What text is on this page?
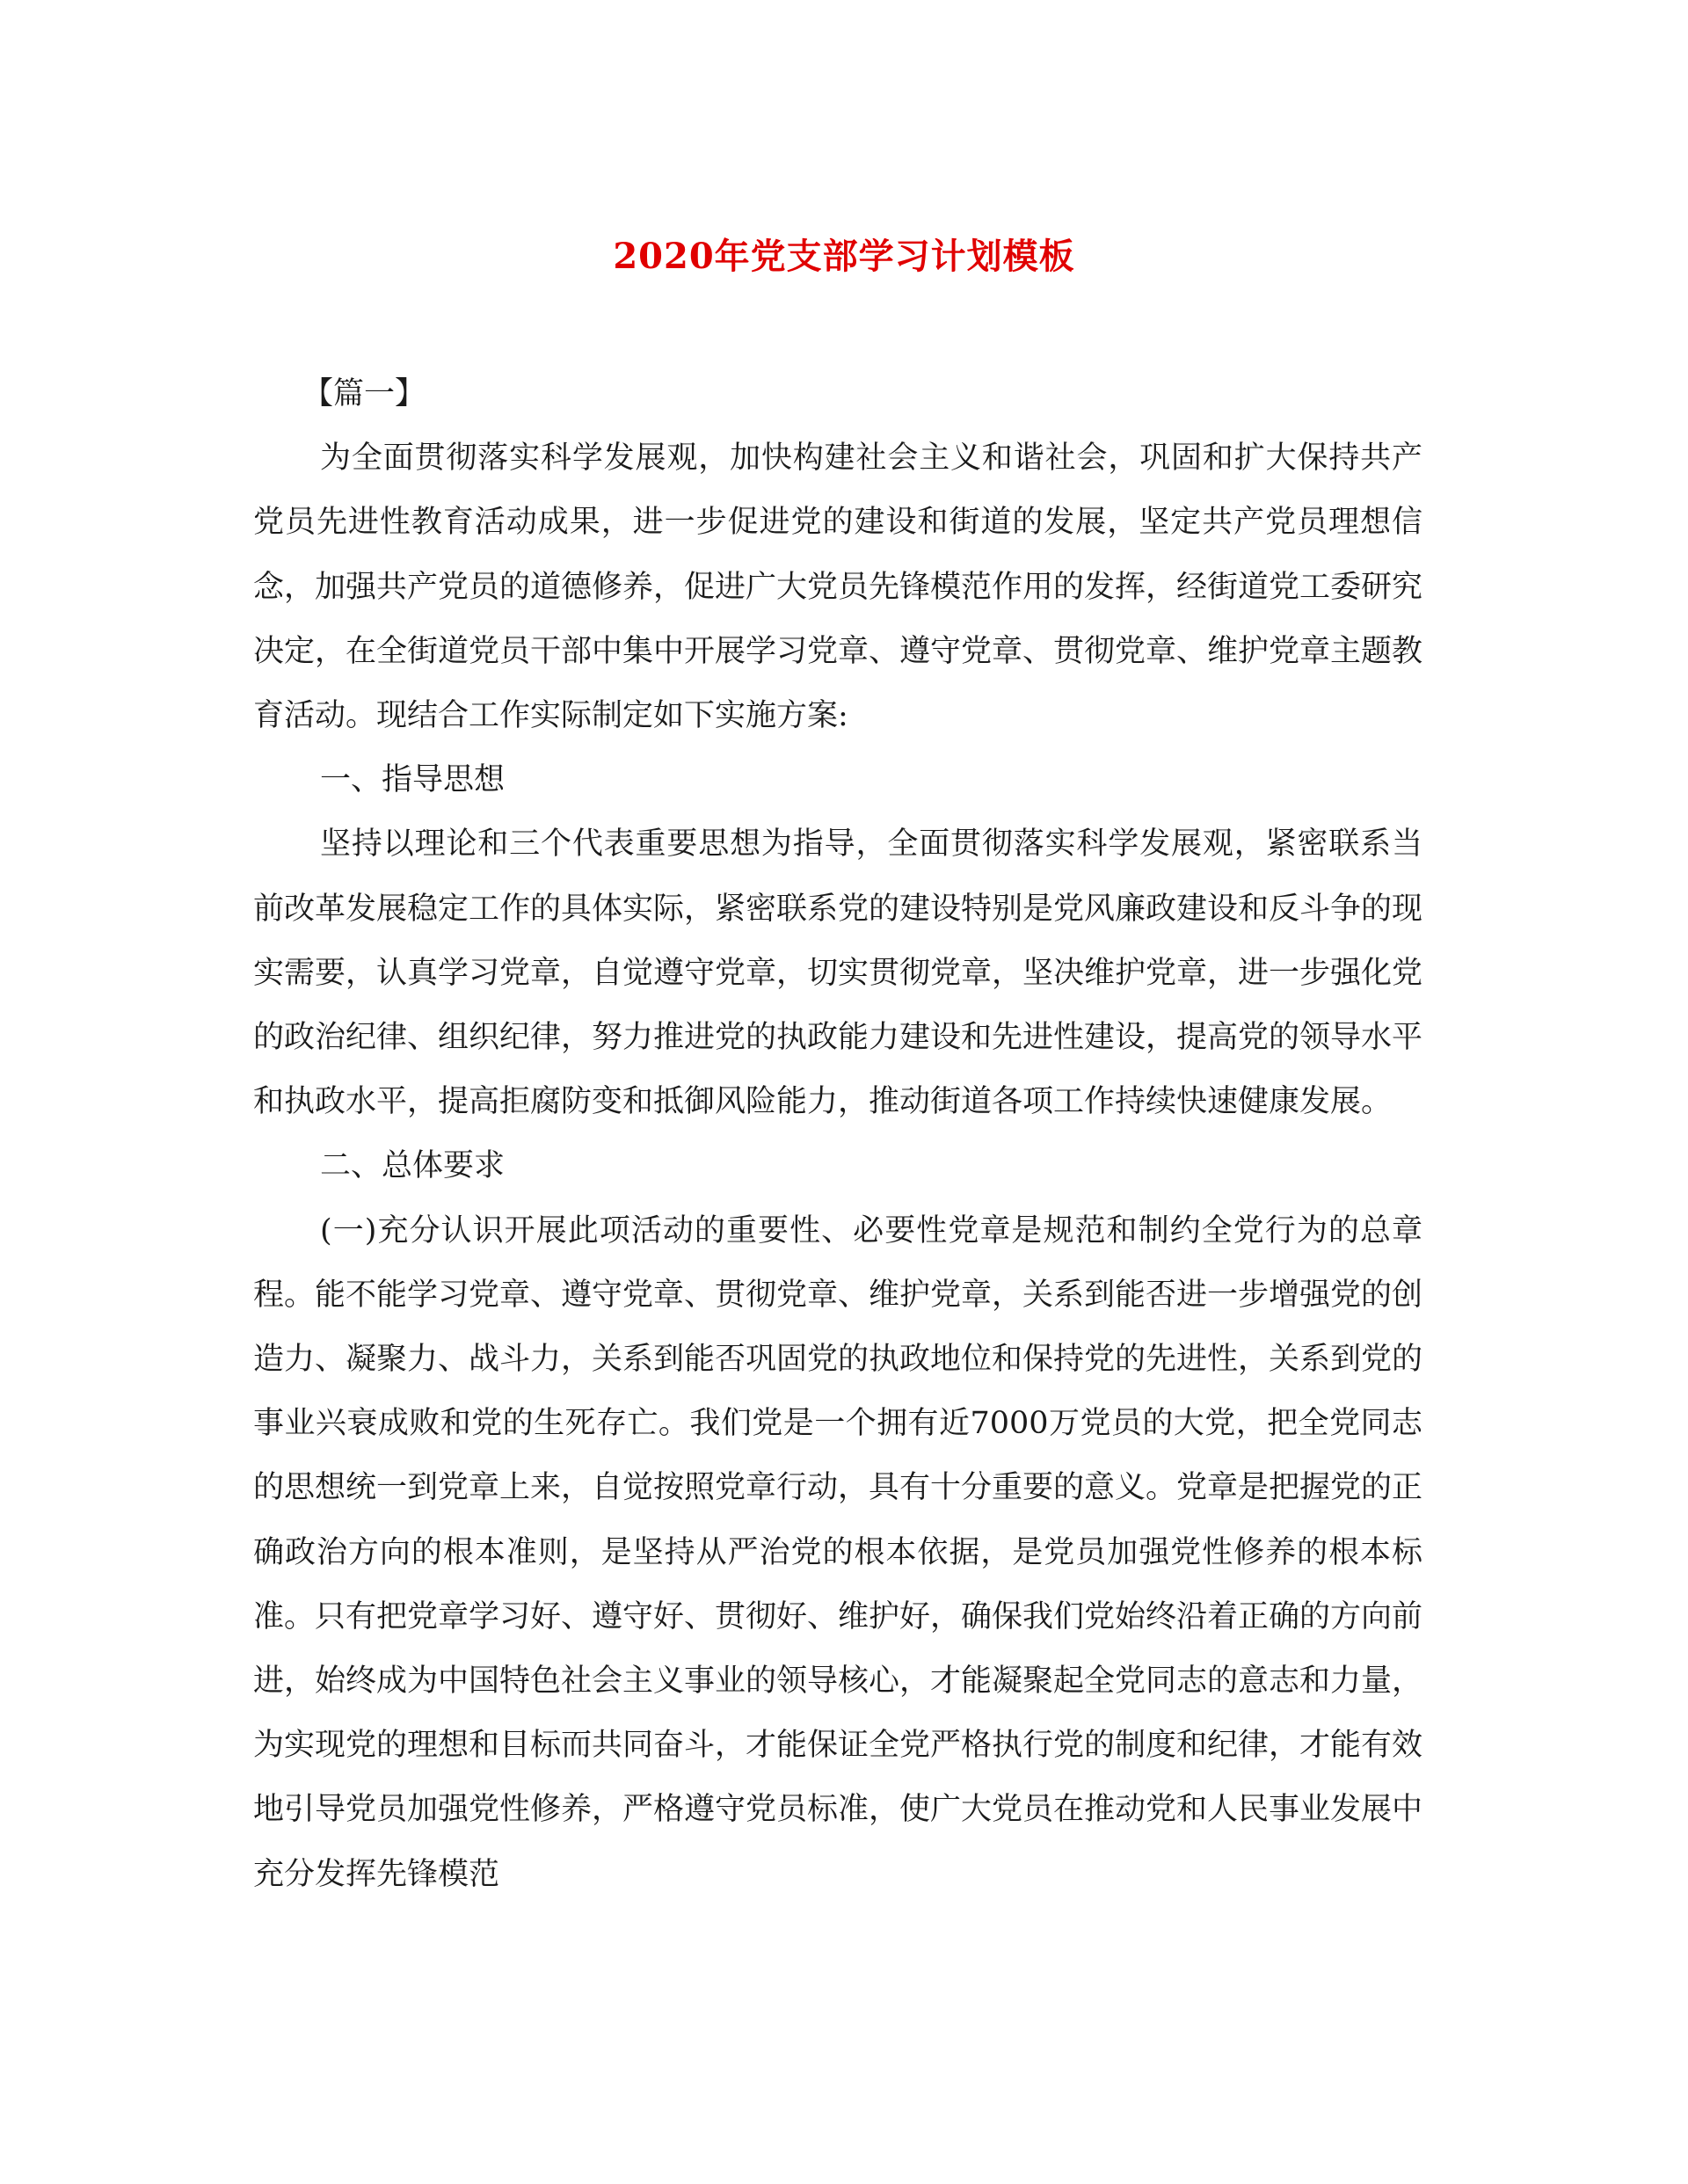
2020年党支部学习计划模板

【篇一】

为全面贯彻落实科学发展观，加快构建社会主义和谐社会，巩固和扩大保持共产党员先进性教育活动成果，进一步促进党的建设和街道的发展，坚定共产党员理想信念，加强共产党员的道德修养，促进广大党员先锋模范作用的发挥，经街道党工委研究决定，在全街道党员干部中集中开展学习党章、遵守党章、贯彻党章、维护党章主题教育活动。现结合工作实际制定如下实施方案:

一、指导思想

坚持以理论和三个代表重要思想为指导，全面贯彻落实科学发展观，紧密联系当前改革发展稳定工作的具体实际，紧密联系党的建设特别是党风廉政建设和反斗争的现实需要，认真学习党章，自觉遵守党章，切实贯彻党章，坚决维护党章，进一步强化党的政治纪律、组织纪律，努力推进党的执政能力建设和先进性建设，提高党的领导水平和执政水平，提高拒腐防变和抵御风险能力，推动街道各项工作持续快速健康发展。

二、总体要求

(一)充分认识开展此项活动的重要性、必要性党章是规范和制约全党行为的总章程。能不能学习党章、遵守党章、贯彻党章、维护党章，关系到能否进一步增强党的创造力、凝聚力、战斗力，关系到能否巩固党的执政地位和保持党的先进性，关系到党的事业兴衰成败和党的生死存亡。我们党是一个拥有近7000万党员的大党，把全党同志的思想统一到党章上来，自觉按照党章行动，具有十分重要的意义。党章是把握党的正确政治方向的根本准则，是坚持从严治党的根本依据，是党员加强党性修养的根本标准。只有把党章学习好、遵守好、贯彻好、维护好，确保我们党始终沿着正确的方向前进，始终成为中国特色社会主义事业的领导核心，才能凝聚起全党同志的意志和力量，为实现党的理想和目标而共同奋斗，才能保证全党严格执行党的制度和纪律，才能有效地引导党员加强党性修养，严格遵守党员标准，使广大党员在推动党和人民事业发展中充分发挥先锋模范
